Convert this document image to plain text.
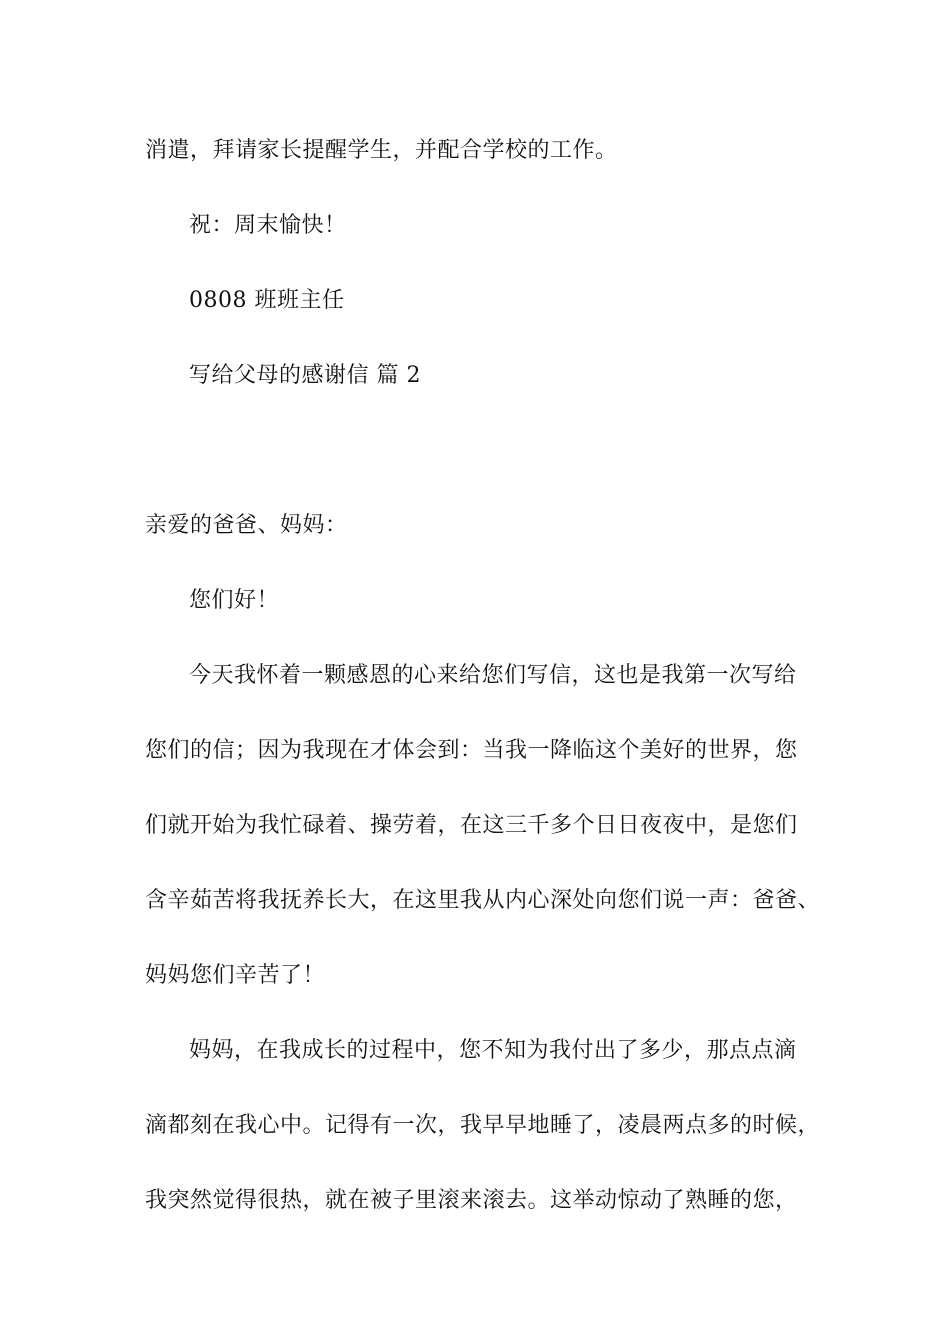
消遣，拜请家长提醒学生，并配合学校的工作。
祝：周末愉快！
0808 班班主任
写给父母的感谢信 篇 2
亲爱的爸爸、妈妈：
您们好！
今天我怀着一颗感恩的心来给您们写信，这也是我第一次写给
您们的信；因为我现在才体会到：当我一降临这个美好的世界，您
们就开始为我忙碌着、操劳着，在这三千多个日日夜夜中，是您们
含辛茹苦将我抚养长大，在这里我从内心深处向您们说一声：爸爸、
妈妈您们辛苦了！
妈妈，在我成长的过程中，您不知为我付出了多少，那点点滴
滴都刻在我心中。记得有一次，我早早地睡了，凌晨两点多的时候，
我突然觉得很热，就在被子里滚来滚去。这举动惊动了熟睡的您，
